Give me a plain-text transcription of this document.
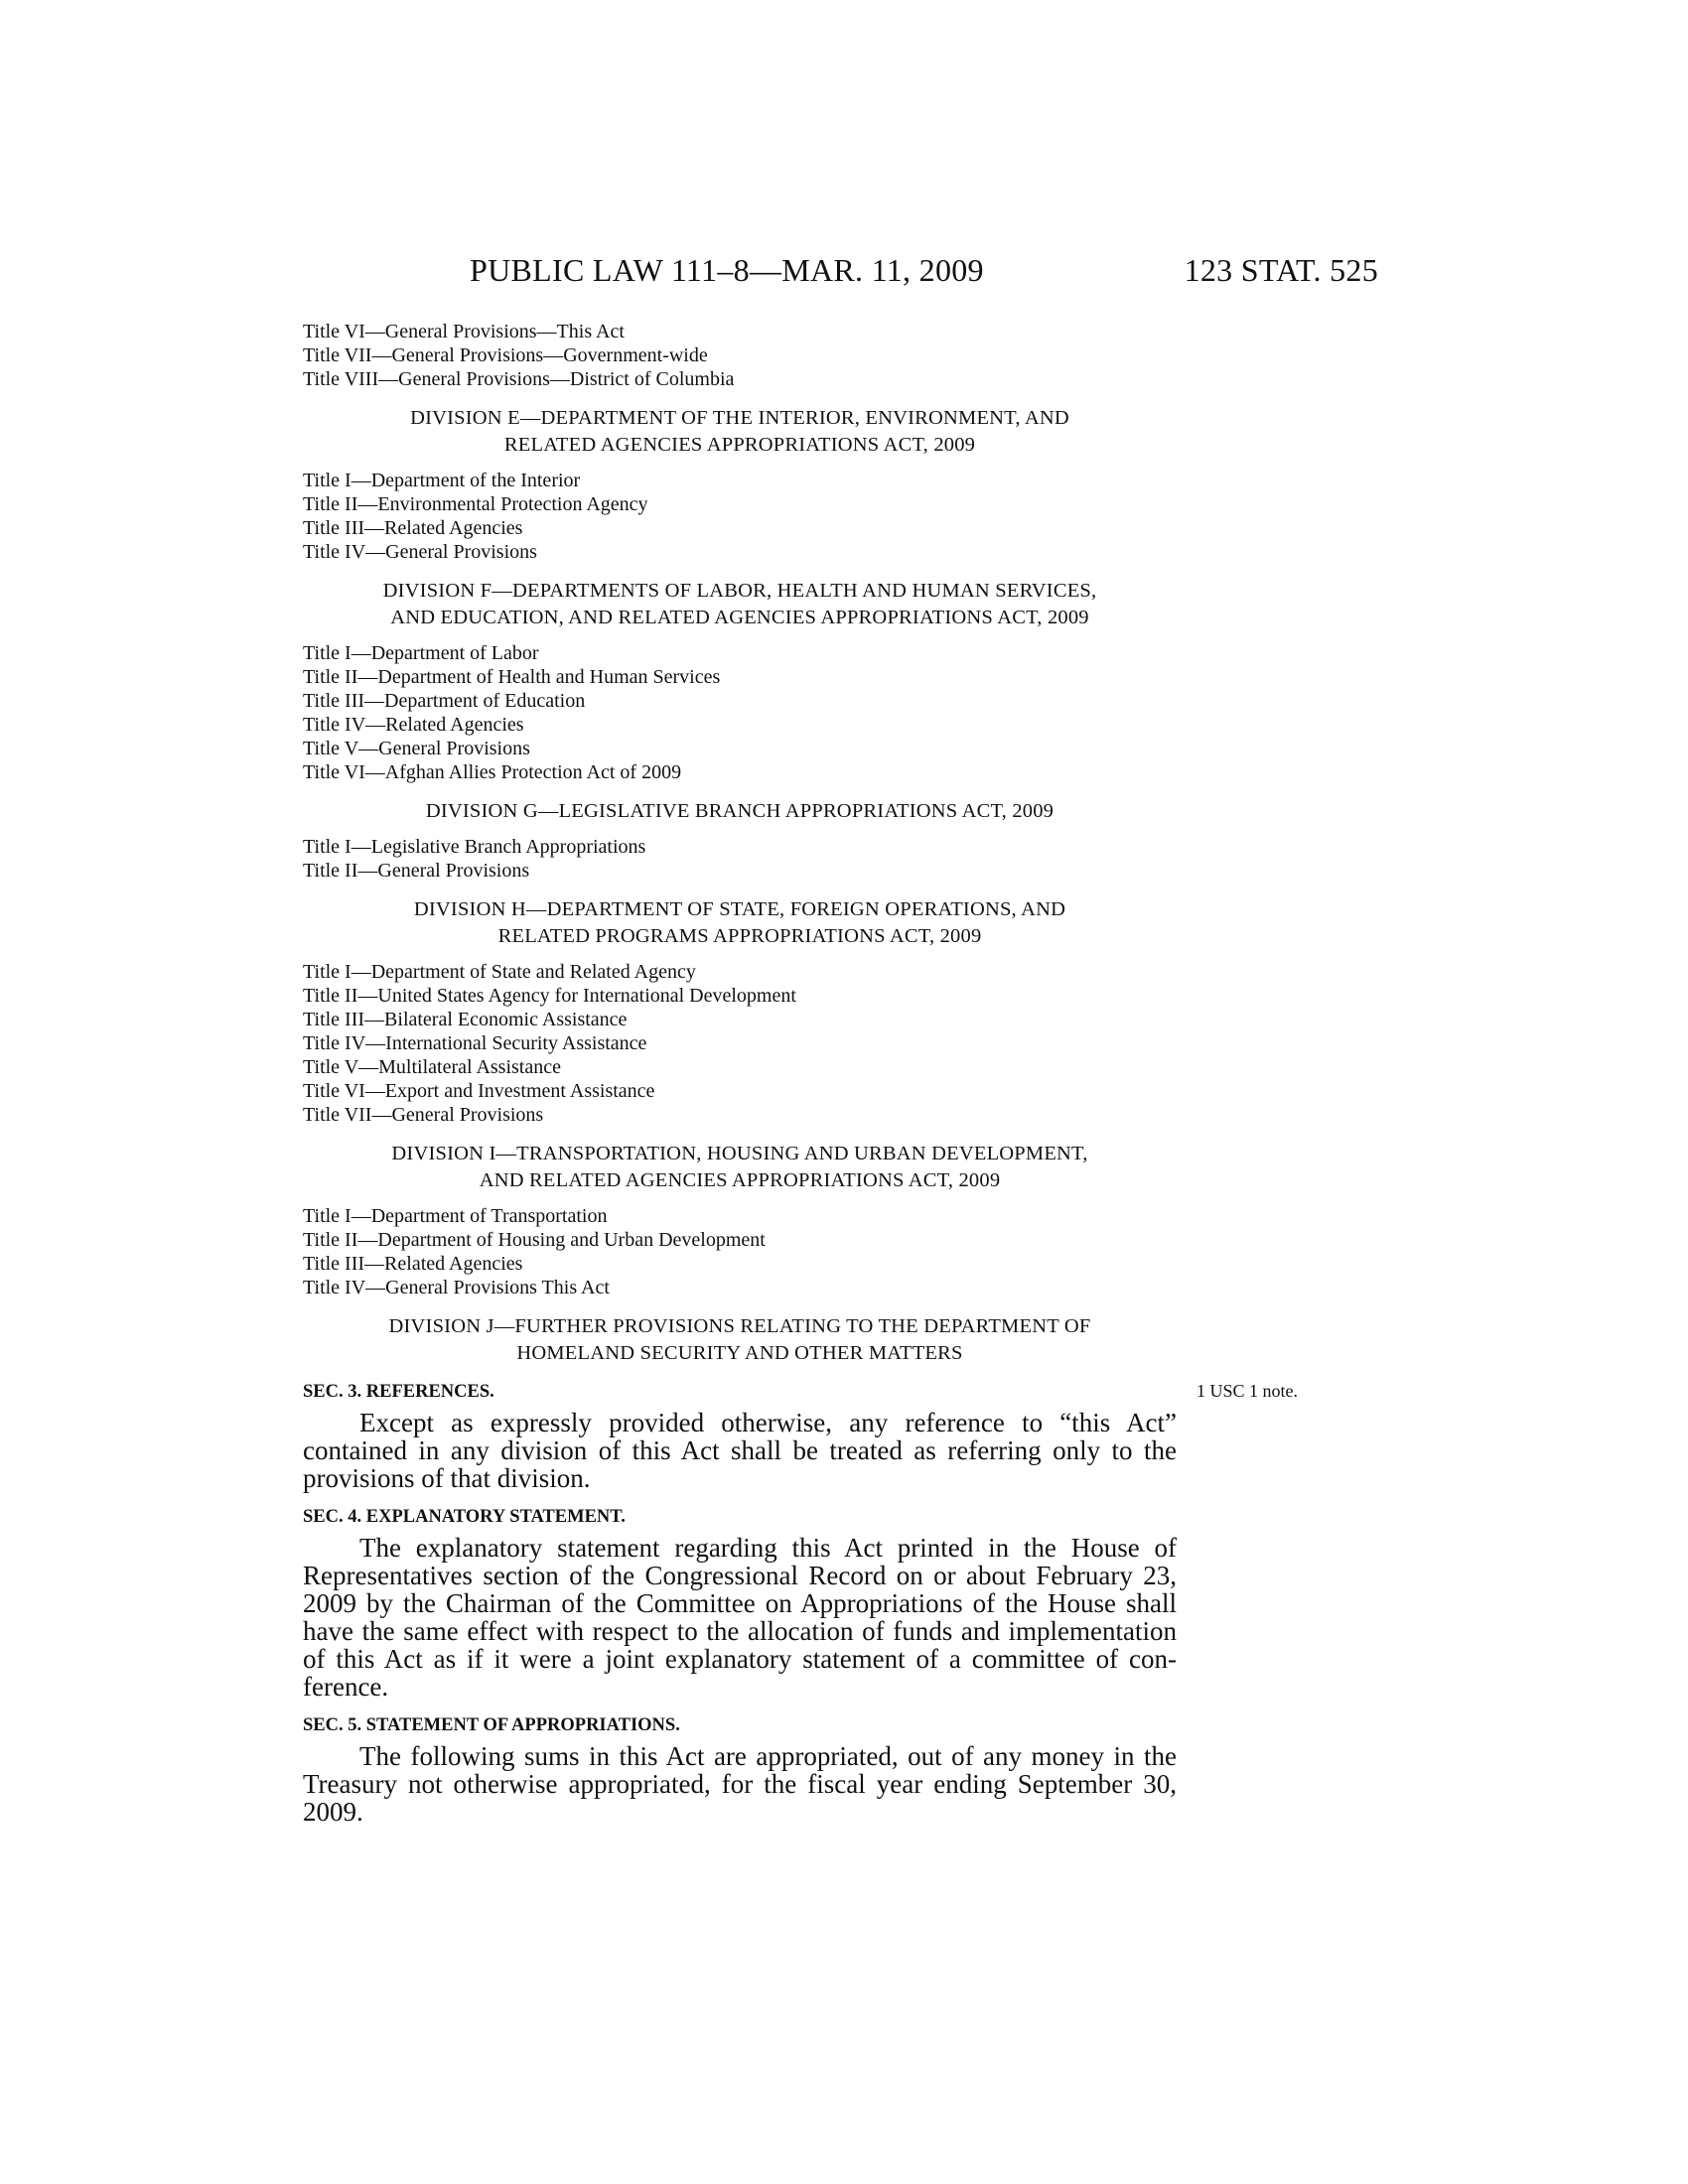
PUBLIC LAW 111–8—MAR. 11, 2009	123 STAT. 525
Title VI—General Provisions—This Act
Title VII—General Provisions—Government-wide
Title VIII—General Provisions—District of Columbia
DIVISION E—DEPARTMENT OF THE INTERIOR, ENVIRONMENT, AND
RELATED AGENCIES APPROPRIATIONS ACT, 2009
Title I—Department of the Interior
Title II—Environmental Protection Agency
Title III—Related Agencies
Title IV—General Provisions
DIVISION F—DEPARTMENTS OF LABOR, HEALTH AND HUMAN SERVICES,
AND EDUCATION, AND RELATED AGENCIES APPROPRIATIONS ACT, 2009
Title I—Department of Labor
Title II—Department of Health and Human Services
Title III—Department of Education
Title IV—Related Agencies
Title V—General Provisions
Title VI—Afghan Allies Protection Act of 2009
DIVISION G—LEGISLATIVE BRANCH APPROPRIATIONS ACT, 2009
Title I—Legislative Branch Appropriations
Title II—General Provisions
DIVISION H—DEPARTMENT OF STATE, FOREIGN OPERATIONS, AND
RELATED PROGRAMS APPROPRIATIONS ACT, 2009
Title I—Department of State and Related Agency
Title II—United States Agency for International Development
Title III—Bilateral Economic Assistance
Title IV—International Security Assistance
Title V—Multilateral Assistance
Title VI—Export and Investment Assistance
Title VII—General Provisions
DIVISION I—TRANSPORTATION, HOUSING AND URBAN DEVELOPMENT,
AND RELATED AGENCIES APPROPRIATIONS ACT, 2009
Title I—Department of Transportation
Title II—Department of Housing and Urban Development
Title III—Related Agencies
Title IV—General Provisions This Act
DIVISION J—FURTHER PROVISIONS RELATING TO THE DEPARTMENT OF
HOMELAND SECURITY AND OTHER MATTERS

SEC. 3. REFERENCES.	1 USC 1 note.

Except as expressly provided otherwise, any reference to “this Act” contained in any division of this Act shall be treated as referring only to the provisions of that division.

SEC. 4. EXPLANATORY STATEMENT.

The explanatory statement regarding this Act printed in the House of Representatives section of the Congressional Record on or about February 23, 2009 by the Chairman of the Committee on Appropriations of the House shall have the same effect with respect to the allocation of funds and implementation of this Act as if it were a joint explanatory statement of a committee of con-ference.

SEC. 5. STATEMENT OF APPROPRIATIONS.

The following sums in this Act are appropriated, out of any money in the Treasury not otherwise appropriated, for the fiscal year ending September 30, 2009.
